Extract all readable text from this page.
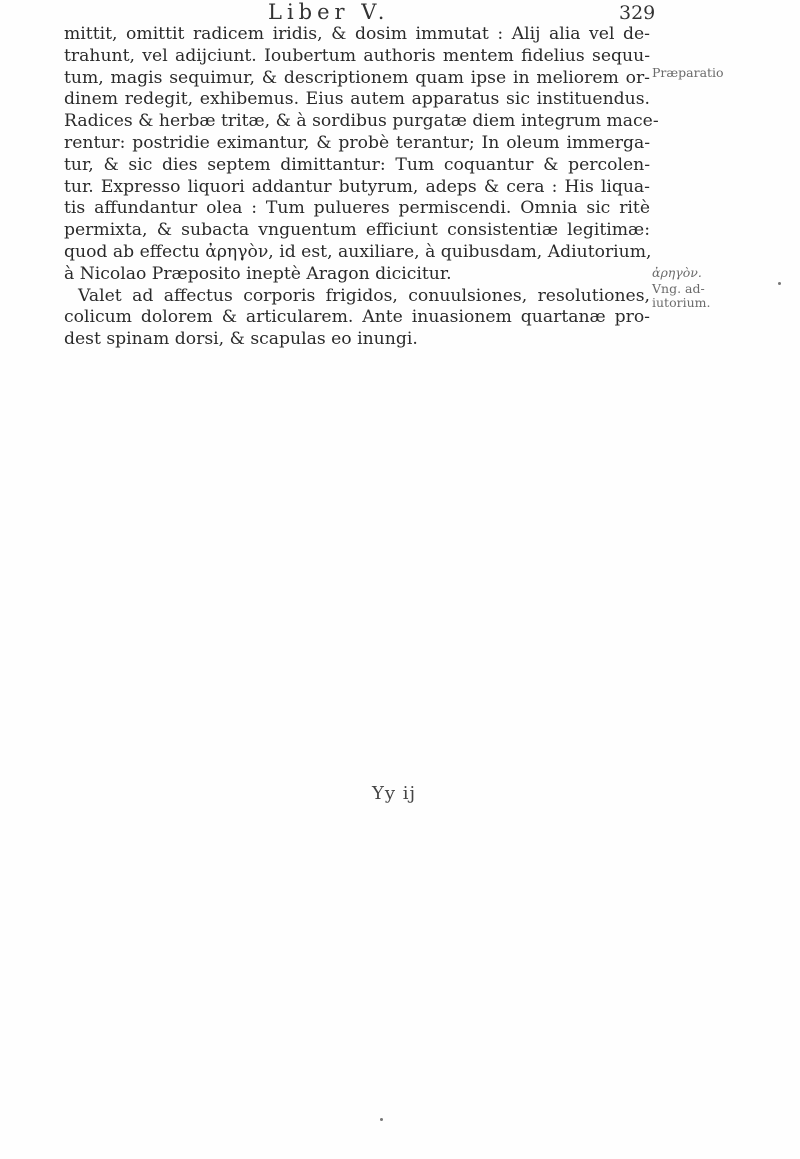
Liber V.	329
mittit, omittit radicem iridis, & dosim immutat : Alij alia vel de-
trahunt, vel adijciunt. Ioubertum authoris mentem fidelius sequu-
tum, magis sequimur, & descriptionem quam ipse in meliorem or-
dinem redegit, exhibemus. Eius autem apparatus sic instituendus.
Radices & herbæ tritæ, & à sordibus purgatæ diem integrum mace-
rentur: postridie eximantur, & probè terantur; In oleum immerga-
tur, & sic dies septem dimittantur: Tum coquantur & percolen-
tur. Expresso liquori addantur butyrum, adeps & cera : His liqua-
tis affundantur olea : Tum pulueres permiscendi. Omnia sic ritè
permixta, & subacta vnguentum efficiunt consistentiæ legitimæ:
quod ab effectu ἀρηγὸν, id est, auxiliare, à quibusdam, Adiutorium,
à Nicolao Præposito ineptè Aragon dicicitur.
Valet ad affectus corporis frigidos, conuulsiones, resolutiones,
colicum dolorem & articularem. Ante inuasionem quartanæ pro-
dest spinam dorsi, & scapulas eo inungi.
Præparatio
ἀρηγὸν.
Vng. ad-
iutorium.
Yy ij
